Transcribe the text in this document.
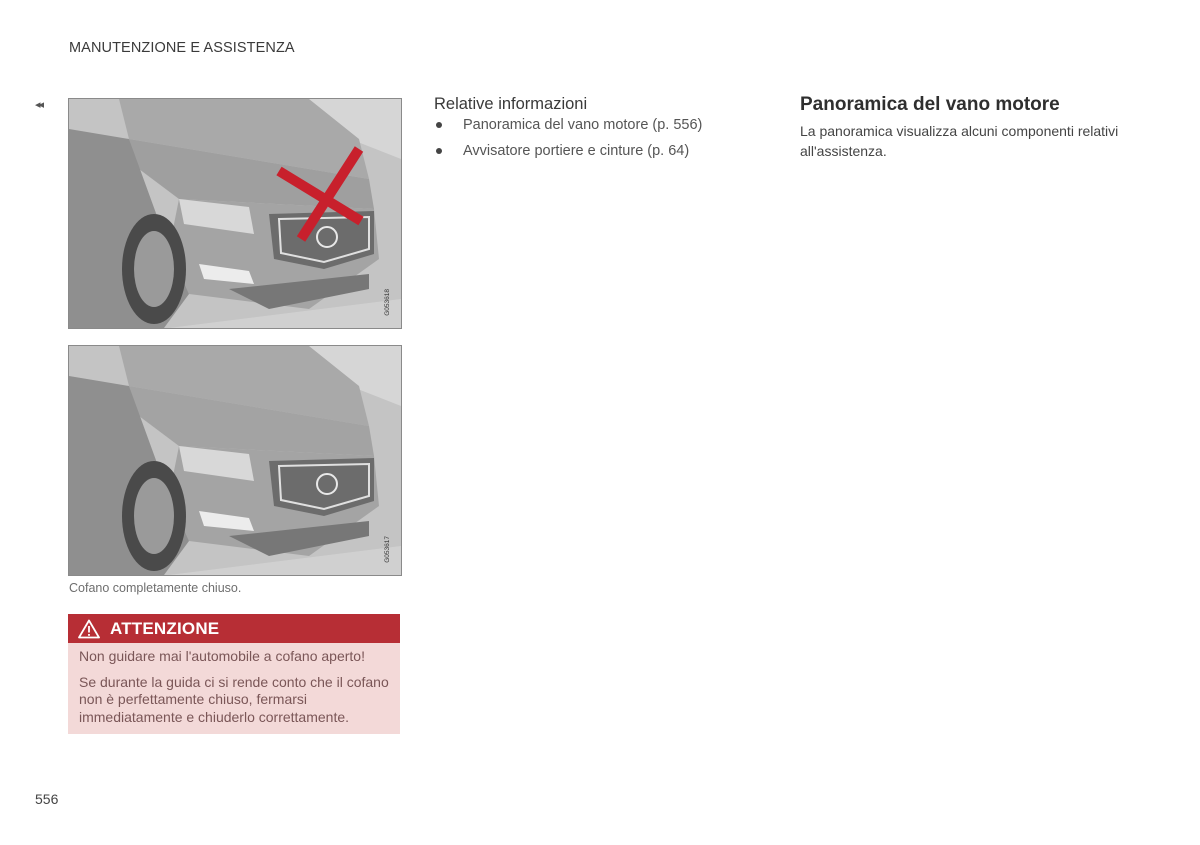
MANUTENZIONE E ASSISTENZA
◂◂
G053618
G053617
Cofano completamente chiuso.
ATTENZIONE

Non guidare mai l'automobile a cofano aperto!

Se durante la guida ci si rende conto che il cofano non è perfettamente chiuso, fermarsi immediatamente e chiuderlo correttamente.

Relative informazioni
Panoramica del vano motore (p. 556)
Avvisatore portiere e cinture (p. 64)
Panoramica del vano motore
La panoramica visualizza alcuni componenti relativi all'assistenza.
556
